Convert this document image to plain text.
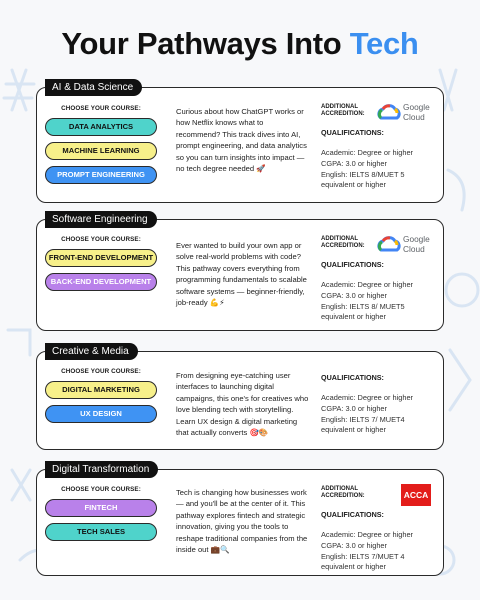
Your Pathways Into Tech
AI & Data Science
CHOOSE YOUR COURSE:
DATA ANALYTICS
MACHINE LEARNING
PROMPT ENGINEERING
Curious about how ChatGPT works or how Netflix knows what to recommend? This track dives into AI, prompt engineering, and data analytics so you can turn insights into impact — no tech degree needed 🚀
ADDITIONAL ACCREDITION:
Google
Cloud
QUALIFICATIONS:
Academic: Degree or higher
CGPA: 3.0 or higher
English: IELTS 8/MUET 5 equivalent or higher
Software Engineering
CHOOSE YOUR COURSE:
FRONT-END DEVELOPMENT
BACK-END DEVELOPMENT
Ever wanted to build your own app or solve real-world problems with code? This pathway covers everything from programming fundamentals to scalable software systems — beginner-friendly, job-ready 💪⚡
ADDITIONAL ACCREDITION:
Google
Cloud
QUALIFICATIONS:
Academic: Degree or higher
CGPA: 3.0 or higher
English: IELTS 8/ MUET5 equivalent or higher
Creative & Media
CHOOSE YOUR COURSE:
DIGITAL MARKETING
UX DESIGN
From designing eye-catching user interfaces to launching digital campaigns, this one's for creatives who love blending tech with storytelling. Learn UX design & digital marketing that actually converts 🎯🎨
QUALIFICATIONS:
Academic: Degree or higher
CGPA: 3.0 or higher
English: IELTS 7/ MUET4 equivalent or higher
Digital Transformation
CHOOSE YOUR COURSE:
FINTECH
TECH SALES
Tech is changing how businesses work — and you'll be at the center of it. This pathway explores fintech and strategic innovation, giving you the tools to reshape traditional companies from the inside out 💼🔍
ADDITIONAL ACCREDITION:	ACCA
QUALIFICATIONS:
Academic: Degree or higher
CGPA: 3.0 or higher
English: IELTS 7/MUET 4 equivalent or higher
